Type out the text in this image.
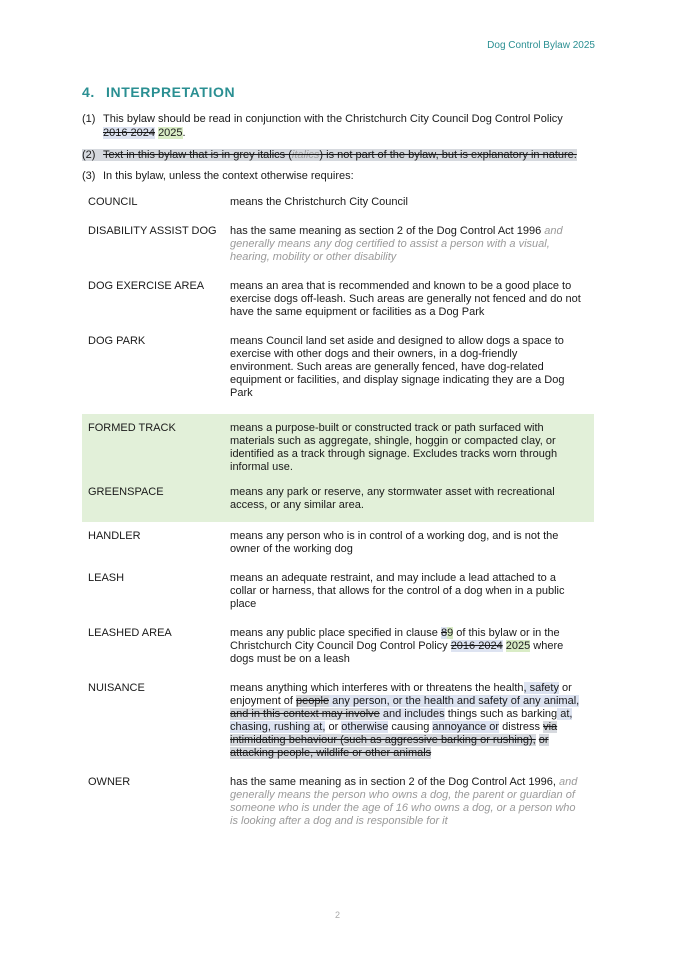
Dog Control Bylaw 2025
4. INTERPRETATION
(1) This bylaw should be read in conjunction with the Christchurch City Council Dog Control Policy
2016 2024 2025.
(2) Text in this bylaw that is in grey italics (italics) is not part of the bylaw, but is explanatory in nature.
(3) In this bylaw, unless the context otherwise requires:
COUNCIL	means the Christchurch City Council
DISABILITY ASSIST DOG	has the same meaning as section 2 of the Dog Control Act 1996 and generally means any dog certified to assist a person with a visual, hearing, mobility or other disability
DOG EXERCISE AREA	means an area that is recommended and known to be a good place to exercise dogs off-leash. Such areas are generally not fenced and do not have the same equipment or facilities as a Dog Park
DOG PARK	means Council land set aside and designed to allow dogs a space to exercise with other dogs and their owners, in a dog-friendly environment. Such areas are generally fenced, have dog-related equipment or facilities, and display signage indicating they are a Dog Park
FORMED TRACK	means a purpose-built or constructed track or path surfaced with materials such as aggregate, shingle, hoggin or compacted clay, or identified as a track through signage. Excludes tracks worn through informal use.
GREENSPACE	means any park or reserve, any stormwater asset with recreational access, or any similar area.
HANDLER	means any person who is in control of a working dog, and is not the owner of the working dog
LEASH	means an adequate restraint, and may include a lead attached to a collar or harness, that allows for the control of a dog when in a public place
LEASHED AREA	means any public place specified in clause 89 of this bylaw or in the Christchurch City Council Dog Control Policy 2016 2024 2025 where dogs must be on a leash
NUISANCE	means anything which interferes with or threatens the health, safety or enjoyment of people any person, or the health and safety of any animal, and in this context may involve and includes things such as barking at, chasing, rushing at, or otherwise causing annoyance or distress via intimidating behaviour (such as aggressive barking or rushing), or attacking people, wildlife or other animals
OWNER	has the same meaning as in section 2 of the Dog Control Act 1996, and generally means the person who owns a dog, the parent or guardian of someone who is under the age of 16 who owns a dog, or a person who is looking after a dog and is responsible for it
2
